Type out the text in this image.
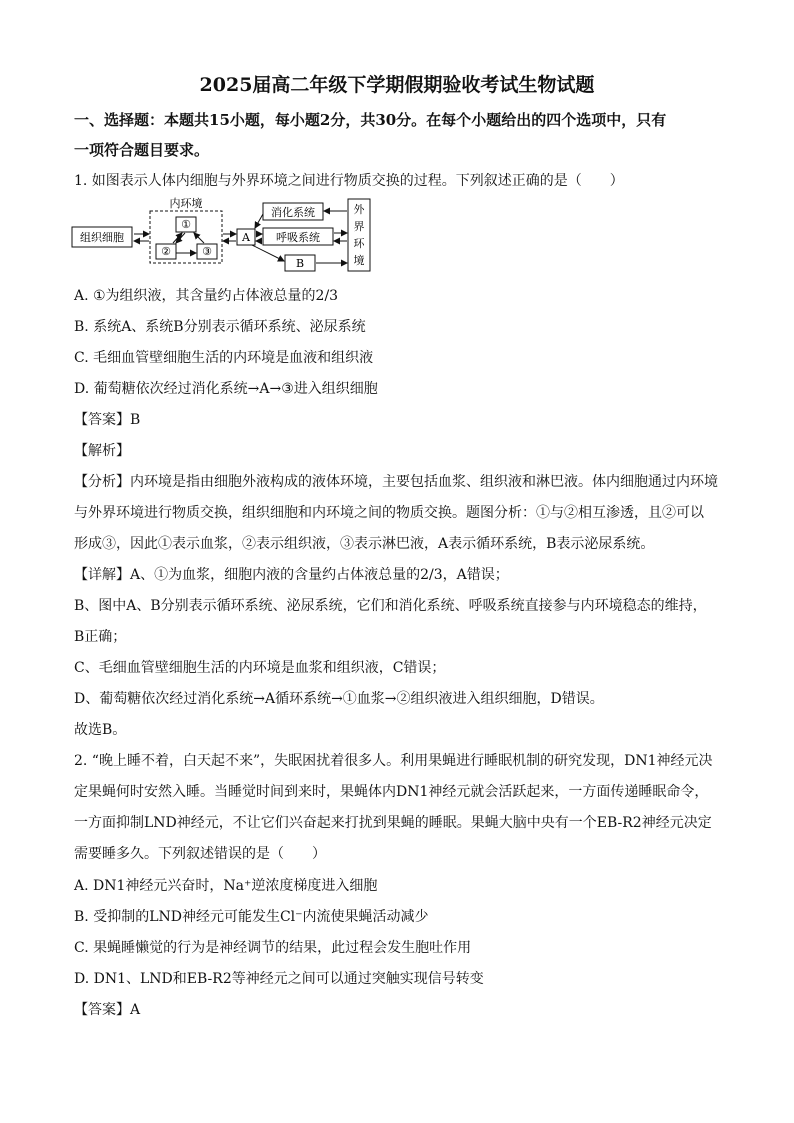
2025届高二年级下学期假期验收考试生物试题
一、选择题：本题共15小题，每小题2分，共30分。在每个小题给出的四个选项中，只有
一项符合题目要求。
1. 如图表示人体内细胞与外界环境之间进行物质交换的过程。下列叙述正确的是（　　）
组织细胞
内环境
①
②	③
A
消化系统
呼吸系统
B
外
界
环
境
A. ①为组织液，其含量约占体液总量的2/3
B. 系统A、系统B分别表示循环系统、泌尿系统
C. 毛细血管壁细胞生活的内环境是血液和组织液
D. 葡萄糖依次经过消化系统→A→③进入组织细胞
【答案】B
【解析】
【分析】内环境是指由细胞外液构成的液体环境，主要包括血浆、组织液和淋巴液。体内细胞通过内环境
与外界环境进行物质交换，组织细胞和内环境之间的物质交换。题图分析：①与②相互渗透，且②可以
形成③，因此①表示血浆，②表示组织液，③表示淋巴液，A表示循环系统，B表示泌尿系统。
【详解】A、①为血浆，细胞内液的含量约占体液总量的2/3，A错误；
B、图中A、B分别表示循环系统、泌尿系统，它们和消化系统、呼吸系统直接参与内环境稳态的维持，
B正确；
C、毛细血管壁细胞生活的内环境是血浆和组织液，C错误；
D、葡萄糖依次经过消化系统→A循环系统→①血浆→②组织液进入组织细胞，D错误。
故选B。
2. “晚上睡不着，白天起不来”，失眠困扰着很多人。利用果蝇进行睡眠机制的研究发现，DN1神经元决
定果蝇何时安然入睡。当睡觉时间到来时，果蝇体内DN1神经元就会活跃起来，一方面传递睡眠命令，
一方面抑制LND神经元，不让它们兴奋起来打扰到果蝇的睡眠。果蝇大脑中央有一个EB-R2神经元决定
需要睡多久。下列叙述错误的是（　　）
A. DN1神经元兴奋时，Na⁺逆浓度梯度进入细胞
B. 受抑制的LND神经元可能发生Cl⁻内流使果蝇活动减少
C. 果蝇睡懒觉的行为是神经调节的结果，此过程会发生胞吐作用
D. DN1、LND和EB-R2等神经元之间可以通过突触实现信号转变
【答案】A
